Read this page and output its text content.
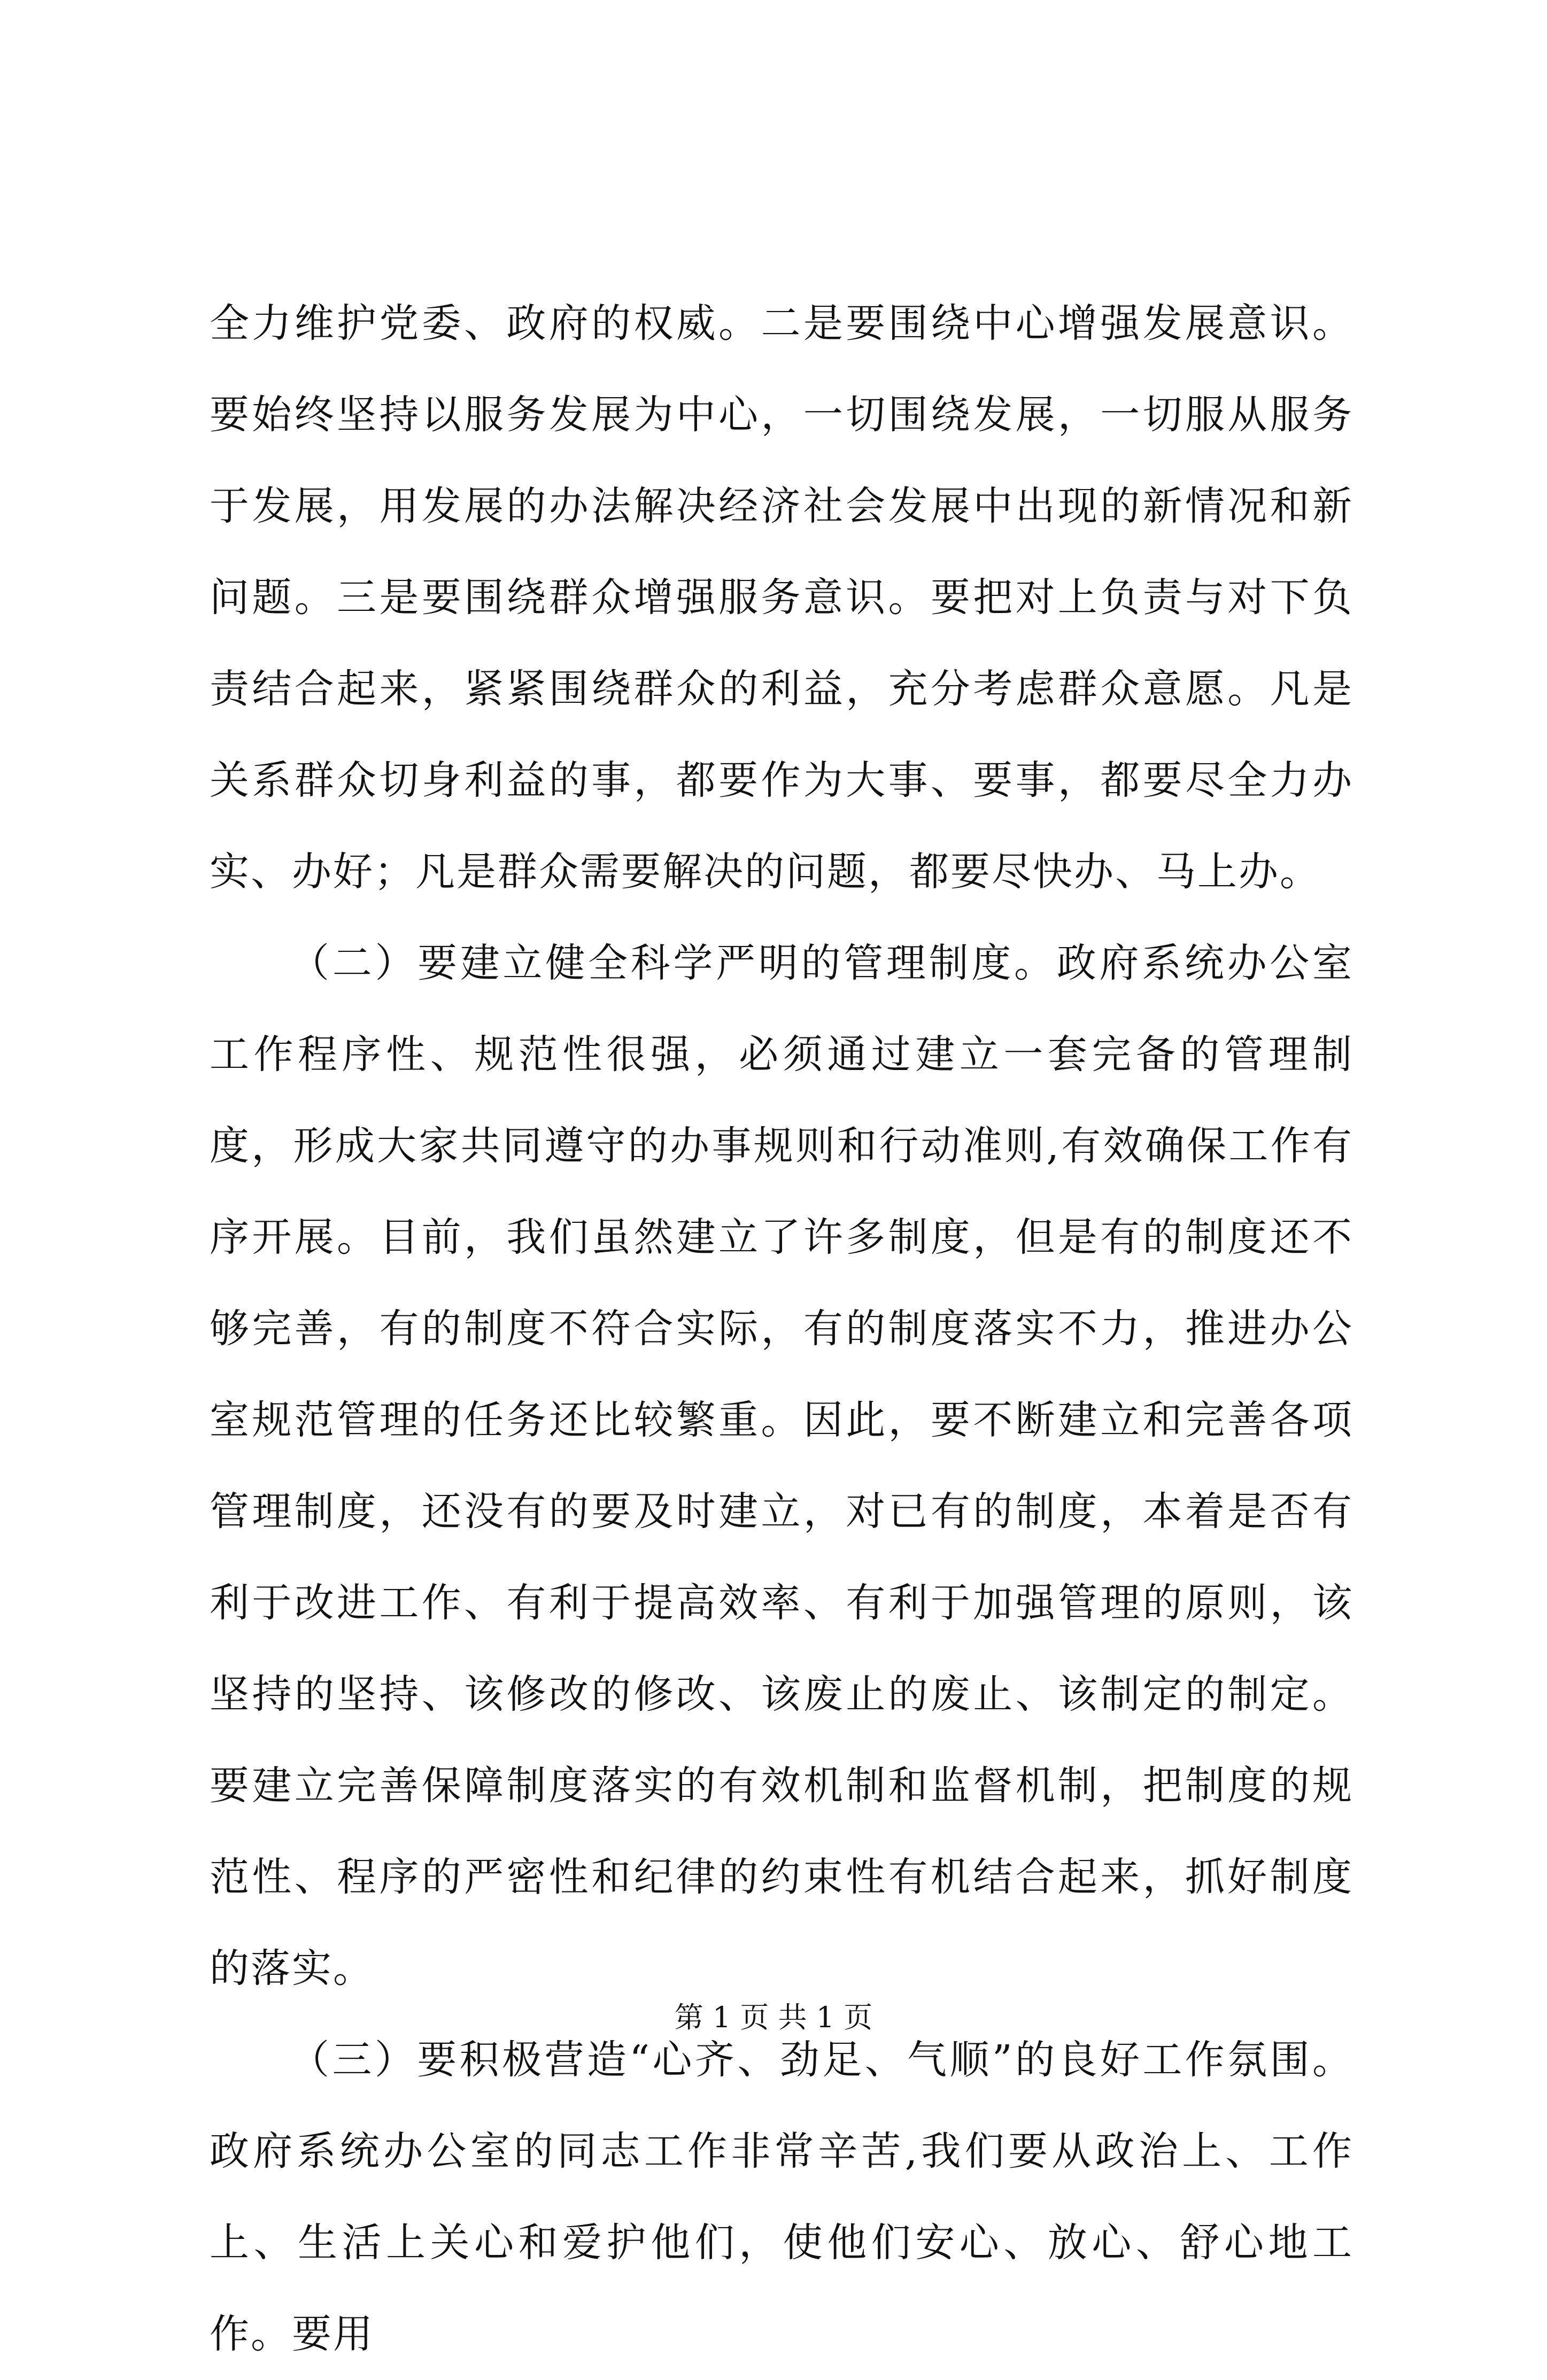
全力维护党委、政府的权威。二是要围绕中心增强发展意识。要始终坚持以服务发展为中心，一切围绕发展，一切服从服务于发展，用发展的办法解决经济社会发展中出现的新情况和新问题。三是要围绕群众增强服务意识。要把对上负责与对下负责结合起来，紧紧围绕群众的利益，充分考虑群众意愿。凡是关系群众切身利益的事，都要作为大事、要事，都要尽全力办实、办好；凡是群众需要解决的问题，都要尽快办、马上办。

（二）要建立健全科学严明的管理制度。政府系统办公室工作程序性、规范性很强，必须通过建立一套完备的管理制度，形成大家共同遵守的办事规则和行动准则,有效确保工作有序开展。目前，我们虽然建立了许多制度，但是有的制度还不够完善，有的制度不符合实际，有的制度落实不力，推进办公室规范管理的任务还比较繁重。因此，要不断建立和完善各项管理制度，还没有的要及时建立，对已有的制度，本着是否有利于改进工作、有利于提高效率、有利于加强管理的原则，该坚持的坚持、该修改的修改、该废止的废止、该制定的制定。要建立完善保障制度落实的有效机制和监督机制，把制度的规范性、程序的严密性和纪律的约束性有机结合起来，抓好制度的落实。

（三）要积极营造“心齐、劲足、气顺”的良好工作氛围。政府系统办公室的同志工作非常辛苦,我们要从政治上、工作上、生活上关心和爱护他们，使他们安心、放心、舒心地工作。要用

第 1 页 共 1 页
